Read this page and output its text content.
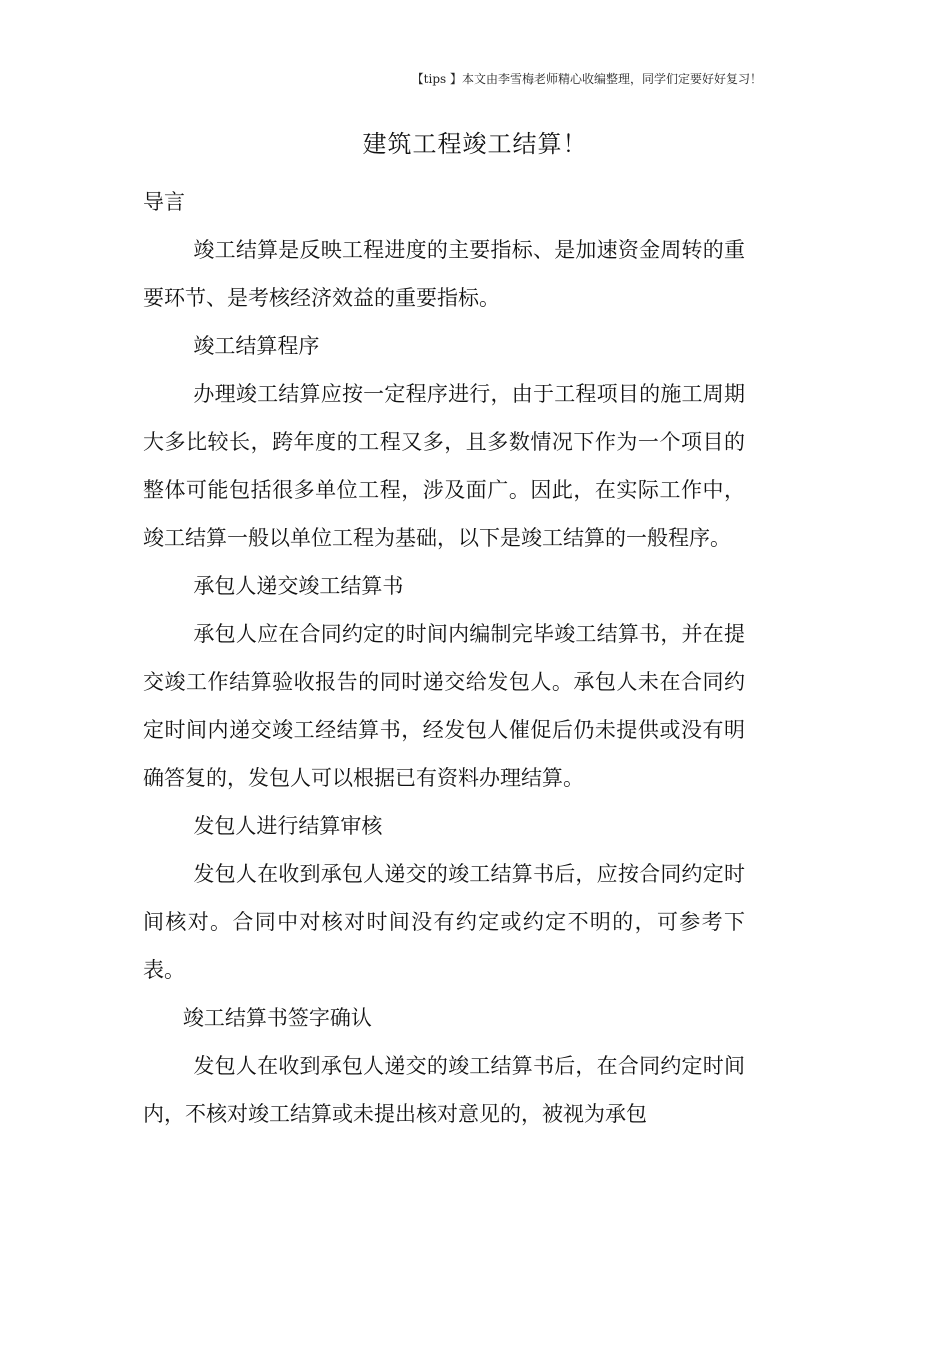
【tips 】本文由李雪梅老师精心收编整理，同学们定要好好复习！
建筑工程竣工结算！

导言

竣工结算是反映工程进度的主要指标、是加速资金周转的重要环节、是考核经济效益的重要指标。

竣工结算程序

办理竣工结算应按一定程序进行，由于工程项目的施工周期大多比较长，跨年度的工程又多，且多数情况下作为一个项目的整体可能包括很多单位工程，涉及面广。因此，在实际工作中，竣工结算一般以单位工程为基础，以下是竣工结算的一般程序。

承包人递交竣工结算书

承包人应在合同约定的时间内编制完毕竣工结算书，并在提交竣工作结算验收报告的同时递交给发包人。承包人未在合同约定时间内递交竣工经结算书，经发包人催促后仍未提供或没有明确答复的，发包人可以根据已有资料办理结算。

发包人进行结算审核

发包人在收到承包人递交的竣工结算书后，应按合同约定时间核对。合同中对核对时间没有约定或约定不明的，可参考下表。

竣工结算书签字确认

发包人在收到承包人递交的竣工结算书后，在合同约定时间内，不核对竣工结算或未提出核对意见的，被视为承包
